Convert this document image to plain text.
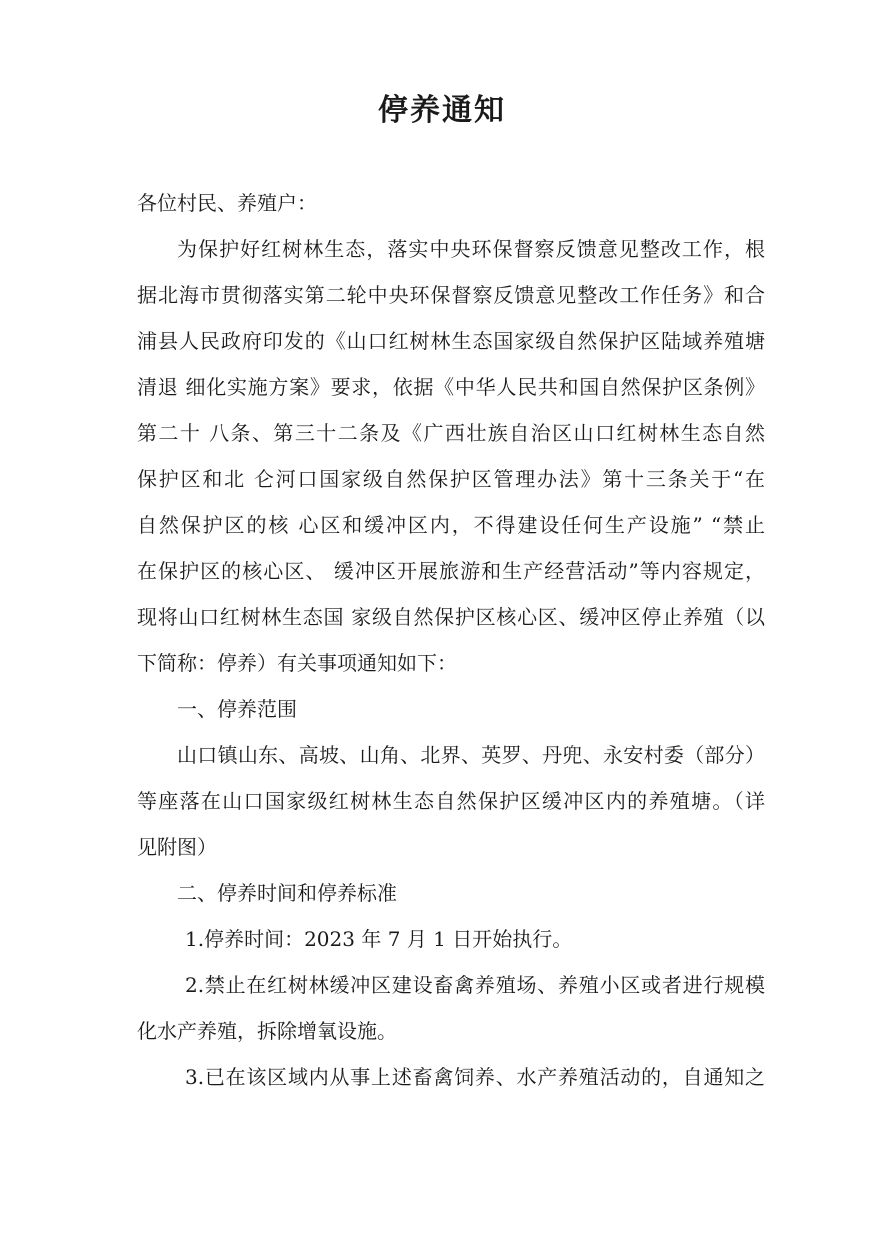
停养通知
各位村民、养殖户：
为保护好红树林生态，落实中央环保督察反馈意见整改工作，根
据北海市贯彻落实第二轮中央环保督察反馈意见整改工作任务》和合
浦县人民政府印发的《山口红树林生态国家级自然保护区陆域养殖塘
清退 细化实施方案》要求，依据《中华人民共和国自然保护区条例》
第二十 八条、第三十二条及《广西壮族自治区山口红树林生态自然
保护区和北 仑河口国家级自然保护区管理办法》第十三条关于“在
自然保护区的核 心区和缓冲区内，不得建设任何生产设施” “禁止
在保护区的核心区、 缓冲区开展旅游和生产经营活动”等内容规定，
现将山口红树林生态国 家级自然保护区核心区、缓冲区停止养殖（以
下简称：停养）有关事项通知如下：
一、停养范围
山口镇山东、高坡、山角、北界、英罗、丹兜、永安村委（部分）
等座落在山口国家级红树林生态自然保护区缓冲区内的养殖塘。（详
见附图）
二、停养时间和停养标准
1.停养时间：2023 年 7 月 1 日开始执行。
2.禁止在红树林缓冲区建设畜禽养殖场、养殖小区或者进行规模
化水产养殖，拆除增氧设施。
3.已在该区域内从事上述畜禽饲养、水产养殖活动的，自通知之
